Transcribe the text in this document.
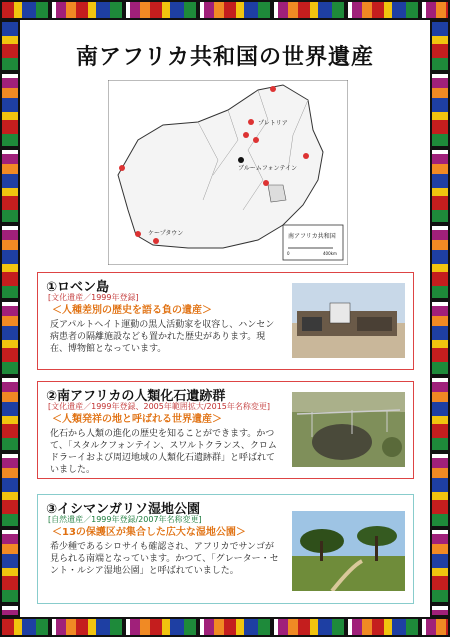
南アフリカ共和国の世界遺産
プレトリア
ブルームフォンテイン
ケープタウン	南アフリカ共和国
0	400km
①ロベン島
[文化遺産／1999年登録]
＜人種差別の歴史を語る負の遺産＞
反アパルトヘイト運動の黒人活動家を収容し、ハンセン病患者の隔離施設なども置かれた歴史があります。現在、博物館となっています。
②南アフリカの人類化石遺跡群
[文化遺産／1999年登録、2005年範囲拡大/2015年名称変更]
＜人類発祥の地と呼ばれる世界遺産＞
化石から人類の進化の歴史を知ることができます。かつて、「スタルクフォンテイン、スワルトクランス、クロムドラーイおよび周辺地域の人類化石遺跡群」と呼ばれていました。
③イシマンガリソ湿地公園
[自然遺産／1999年登録/2007年名称変更]
＜13の保護区が集合した広大な湿地公園＞
希少種であるシロサイも確認され、アフリカでサンゴが見られる南端となっています。かつて、「グレーター・セント・ルシア湿地公園」と呼ばれていました。
